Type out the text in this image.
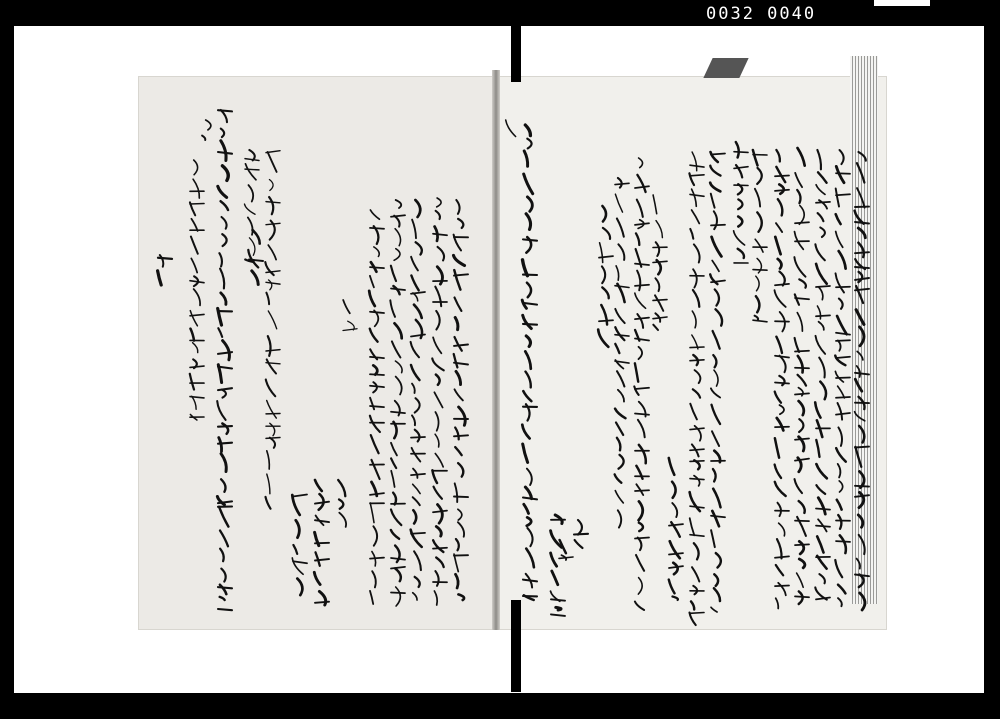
0032 0040
